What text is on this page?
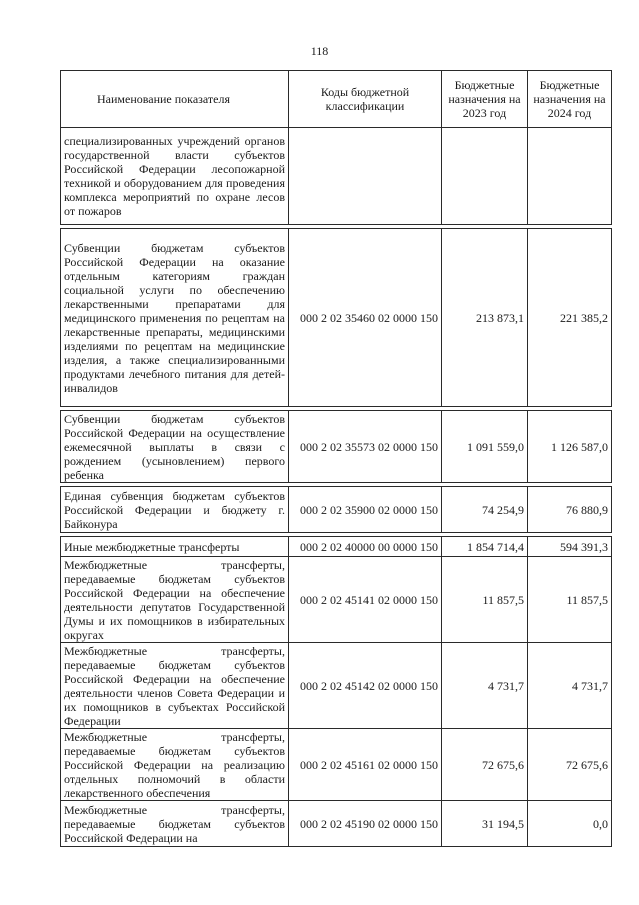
118
Наименование показателя	Коды бюджетной классификации	Бюджетные назначения на 2023 год	Бюджетные назначения на 2024 год
специализированных учреждений органов государственной власти субъектов Российской Федерации лесопожарной техникой и оборудованием для проведения комплекса мероприятий по охране лесов от пожаров			

Субвенции бюджетам субъектов Российской Федерации на оказание отдельным категориям граждан социальной услуги по обеспечению лекарственными препаратами для медицинского применения по рецептам на лекарственные препараты, медицинскими изделиями по рецептам на медицинские изделия, а также специализированными продуктами лечебного питания для детей-инвалидов	000 2 02 35460 02 0000 150	213 873,1	221 385,2

Субвенции бюджетам субъектов Российской Федерации на осуществление ежемесячной выплаты в связи с рождением (усыновлением) первого ребенка	000 2 02 35573 02 0000 150	1 091 559,0	1 126 587,0

Единая субвенция бюджетам субъектов Российской Федерации и бюджету г. Байконура	000 2 02 35900 02 0000 150	74 254,9	76 880,9

Иные межбюджетные трансферты	000 2 02 40000 00 0000 150	1 854 714,4	594 391,3
Межбюджетные трансферты, передаваемые бюджетам субъектов Российской Федерации на обеспечение деятельности депутатов Государственной Думы и их помощников в избирательных округах	000 2 02 45141 02 0000 150	11 857,5	11 857,5
Межбюджетные трансферты, передаваемые бюджетам субъектов Российской Федерации на обеспечение деятельности членов Совета Федерации и их помощников в субъектах Российской Федерации	000 2 02 45142 02 0000 150	4 731,7	4 731,7
Межбюджетные трансферты, передаваемые бюджетам субъектов Российской Федерации на реализацию отдельных полномочий в области лекарственного обеспечения	000 2 02 45161 02 0000 150	72 675,6	72 675,6
Межбюджетные трансферты, передаваемые бюджетам субъектов Российской Федерации на	000 2 02 45190 02 0000 150	31 194,5	0,0
